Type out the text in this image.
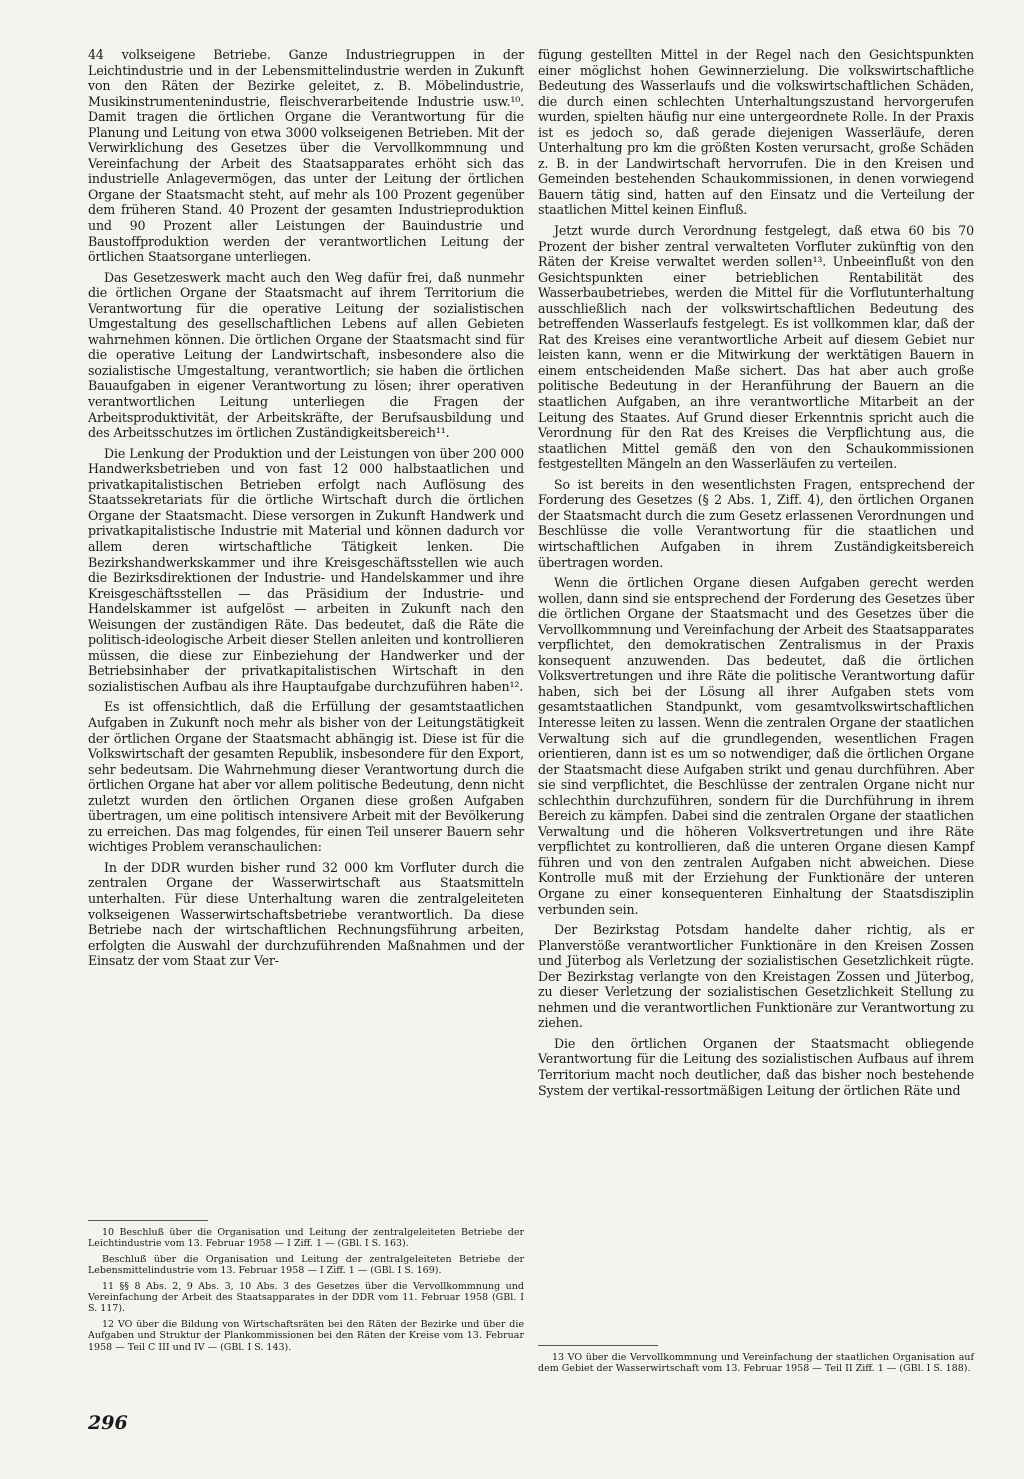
44 volkseigene Betriebe. Ganze Industriegruppen in der Leichtindustrie und in der Lebensmittelindustrie werden in Zukunft von den Räten der Bezirke geleitet, z. B. Möbelindustrie, Musikinstrumentenindustrie, fleischverarbeitende Industrie usw.¹⁰. Damit tragen die örtlichen Organe die Verantwortung für die Planung und Leitung von etwa 3000 volkseigenen Betrieben. Mit der Verwirklichung des Gesetzes über die Vervollkommnung und Vereinfachung der Arbeit des Staatsapparates erhöht sich das industrielle Anlagevermögen, das unter der Leitung der örtlichen Organe der Staatsmacht steht, auf mehr als 100 Prozent gegenüber dem früheren Stand. 40 Prozent der gesamten Industrieproduktion und 90 Prozent aller Leistungen der Bauindustrie und Baustoffproduktion werden der verantwortlichen Leitung der örtlichen Staatsorgane unterliegen.

Das Gesetzeswerk macht auch den Weg dafür frei, daß nunmehr die örtlichen Organe der Staatsmacht auf ihrem Territorium die Verantwortung für die operative Leitung der sozialistischen Umgestaltung des gesellschaftlichen Lebens auf allen Gebieten wahrnehmen können. Die örtlichen Organe der Staatsmacht sind für die operative Leitung der Landwirtschaft, insbesondere also die sozialistische Umgestaltung, verantwortlich; sie haben die örtlichen Bauaufgaben in eigener Verantwortung zu lösen; ihrer operativen verantwortlichen Leitung unterliegen die Fragen der Arbeitsproduktivität, der Arbeitskräfte, der Berufsausbildung und des Arbeitsschutzes im örtlichen Zuständigkeitsbereich¹¹.

Die Lenkung der Produktion und der Leistungen von über 200 000 Handwerksbetrieben und von fast 12 000 halbstaatlichen und privatkapitalistischen Betrieben erfolgt nach Auflösung des Staatssekretariats für die örtliche Wirtschaft durch die örtlichen Organe der Staatsmacht. Diese versorgen in Zukunft Handwerk und privatkapitalistische Industrie mit Material und können dadurch vor allem deren wirtschaftliche Tätigkeit lenken. Die Bezirkshandwerkskammer und ihre Kreisgeschäftsstellen wie auch die Bezirksdirektionen der Industrie- und Handelskammer und ihre Kreisgeschäftsstellen — das Präsidium der Industrie- und Handelskammer ist aufgelöst — arbeiten in Zukunft nach den Weisungen der zuständigen Räte. Das bedeutet, daß die Räte die politisch-ideologische Arbeit dieser Stellen anleiten und kontrollieren müssen, die diese zur Einbeziehung der Handwerker und der Betriebsinhaber der privatkapitalistischen Wirtschaft in den sozialistischen Aufbau als ihre Hauptaufgabe durchzuführen haben¹².

Es ist offensichtlich, daß die Erfüllung der gesamtstaatlichen Aufgaben in Zukunft noch mehr als bisher von der Leitungstätigkeit der örtlichen Organe der Staatsmacht abhängig ist. Diese ist für die Volkswirtschaft der gesamten Republik, insbesondere für den Export, sehr bedeutsam. Die Wahrnehmung dieser Verantwortung durch die örtlichen Organe hat aber vor allem politische Bedeutung, denn nicht zuletzt wurden den örtlichen Organen diese großen Aufgaben übertragen, um eine politisch intensivere Arbeit mit der Bevölkerung zu erreichen. Das mag folgendes, für einen Teil unserer Bauern sehr wichtiges Problem veranschaulichen:

In der DDR wurden bisher rund 32 000 km Vorfluter durch die zentralen Organe der Wasserwirtschaft aus Staatsmitteln unterhalten. Für diese Unterhaltung waren die zentralgeleiteten volkseigenen Wasserwirtschaftsbetriebe verantwortlich. Da diese Betriebe nach der wirtschaftlichen Rechnungsführung arbeiten, erfolgten die Auswahl der durchzuführenden Maßnahmen und der Einsatz der vom Staat zur Ver-

fügung gestellten Mittel in der Regel nach den Gesichtspunkten einer möglichst hohen Gewinnerzielung. Die volkswirtschaftliche Bedeutung des Wasserlaufs und die volkswirtschaftlichen Schäden, die durch einen schlechten Unterhaltungszustand hervorgerufen wurden, spielten häufig nur eine untergeordnete Rolle. In der Praxis ist es jedoch so, daß gerade diejenigen Wasserläufe, deren Unterhaltung pro km die größten Kosten verursacht, große Schäden z. B. in der Landwirtschaft hervorrufen. Die in den Kreisen und Gemeinden bestehenden Schaukommissionen, in denen vorwiegend Bauern tätig sind, hatten auf den Einsatz und die Verteilung der staatlichen Mittel keinen Einfluß.

Jetzt wurde durch Verordnung festgelegt, daß etwa 60 bis 70 Prozent der bisher zentral verwalteten Vorfluter zukünftig von den Räten der Kreise verwaltet werden sollen¹³. Unbeeinflußt von den Gesichtspunkten einer betrieblichen Rentabilität des Wasserbaubetriebes, werden die Mittel für die Vorflutunterhaltung ausschließlich nach der volkswirtschaftlichen Bedeutung des betreffenden Wasserlaufs festgelegt. Es ist vollkommen klar, daß der Rat des Kreises eine verantwortliche Arbeit auf diesem Gebiet nur leisten kann, wenn er die Mitwirkung der werktätigen Bauern in einem entscheidenden Maße sichert. Das hat aber auch große politische Bedeutung in der Heranführung der Bauern an die staatlichen Aufgaben, an ihre verantwortliche Mitarbeit an der Leitung des Staates. Auf Grund dieser Erkenntnis spricht auch die Verordnung für den Rat des Kreises die Verpflichtung aus, die staatlichen Mittel gemäß den von den Schaukommissionen festgestellten Mängeln an den Wasserläufen zu verteilen.

So ist bereits in den wesentlichsten Fragen, entsprechend der Forderung des Gesetzes (§ 2 Abs. 1, Ziff. 4), den örtlichen Organen der Staatsmacht durch die zum Gesetz erlassenen Verordnungen und Beschlüsse die volle Verantwortung für die staatlichen und wirtschaftlichen Aufgaben in ihrem Zuständigkeitsbereich übertragen worden.

Wenn die örtlichen Organe diesen Aufgaben gerecht werden wollen, dann sind sie entsprechend der Forderung des Gesetzes über die örtlichen Organe der Staatsmacht und des Gesetzes über die Vervollkommnung und Vereinfachung der Arbeit des Staatsapparates verpflichtet, den demokratischen Zentralismus in der Praxis konsequent anzuwenden. Das bedeutet, daß die örtlichen Volksvertretungen und ihre Räte die politische Verantwortung dafür haben, sich bei der Lösung all ihrer Aufgaben stets vom gesamtstaatlichen Standpunkt, vom gesamtvolkswirtschaftlichen Interesse leiten zu lassen. Wenn die zentralen Organe der staatlichen Verwaltung sich auf die grundlegenden, wesentlichen Fragen orientieren, dann ist es um so notwendiger, daß die örtlichen Organe der Staatsmacht diese Aufgaben strikt und genau durchführen. Aber sie sind verpflichtet, die Beschlüsse der zentralen Organe nicht nur schlechthin durchzuführen, sondern für die Durchführung in ihrem Bereich zu kämpfen. Dabei sind die zentralen Organe der staatlichen Verwaltung und die höheren Volksvertretungen und ihre Räte verpflichtet zu kontrollieren, daß die unteren Organe diesen Kampf führen und von den zentralen Aufgaben nicht abweichen. Diese Kontrolle muß mit der Erziehung der Funktionäre der unteren Organe zu einer konsequenteren Einhaltung der Staatsdisziplin verbunden sein.

Der Bezirkstag Potsdam handelte daher richtig, als er Planverstöße verantwortlicher Funktionäre in den Kreisen Zossen und Jüterbog als Verletzung der sozialistischen Gesetzlichkeit rügte. Der Bezirkstag verlangte von den Kreistagen Zossen und Jüterbog, zu dieser Verletzung der sozialistischen Gesetzlichkeit Stellung zu nehmen und die verantwortlichen Funktionäre zur Verantwortung zu ziehen.

Die den örtlichen Organen der Staatsmacht obliegende Verantwortung für die Leitung des sozialistischen Aufbaus auf ihrem Territorium macht noch deutlicher, daß das bisher noch bestehende System der vertikal-ressortmäßigen Leitung der örtlichen Räte und

10 Beschluß über die Organisation und Leitung der zentralgeleiteten Betriebe der Leichtindustrie vom 13. Februar 1958 — I Ziff. 1 — (GBl. I S. 163).

Beschluß über die Organisation und Leitung der zentralgeleiteten Betriebe der Lebensmittelindustrie vom 13. Februar 1958 — I Ziff. 1 — (GBl. I S. 169).

11 §§ 8 Abs. 2, 9 Abs. 3, 10 Abs. 3 des Gesetzes über die Vervollkommnung und Vereinfachung der Arbeit des Staatsapparates in der DDR vom 11. Februar 1958 (GBl. I S. 117).

12 VO über die Bildung von Wirtschaftsräten bei den Räten der Bezirke und über die Aufgaben und Struktur der Plankommissionen bei den Räten der Kreise vom 13. Februar 1958 — Teil C III und IV — (GBl. I S. 143).

13 VO über die Vervollkommnung und Vereinfachung der staatlichen Organisation auf dem Gebiet der Wasserwirtschaft vom 13. Februar 1958 — Teil II Ziff. 1 — (GBl. I S. 188).

296
